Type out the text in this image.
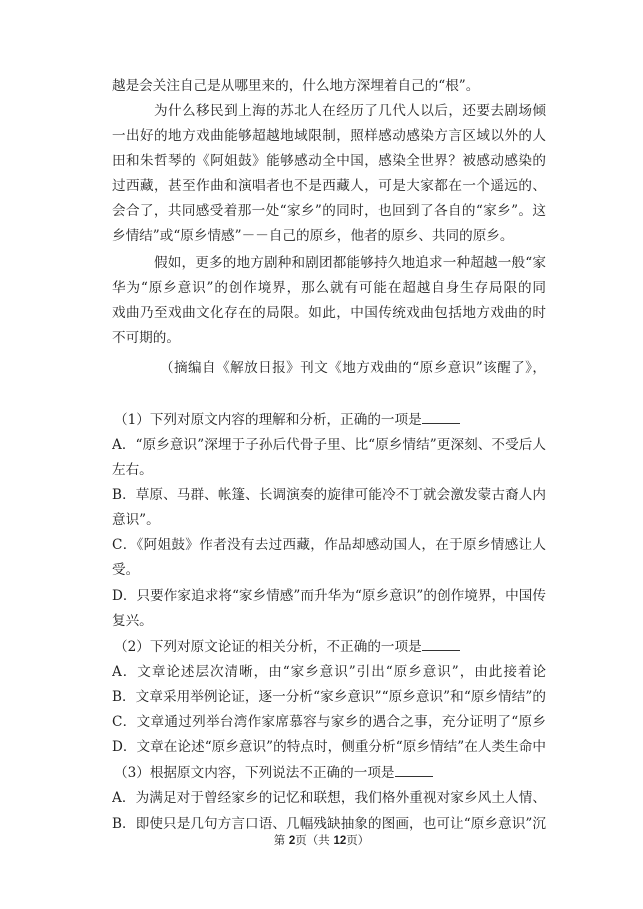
越是会关注自己是从哪里来的，什么地方深埋着自己的“根”。
为什么移民到上海的苏北人在经历了几代人以后，还要去剧场倾
一出好的地方戏曲能够超越地域限制，照样感动感染方言区域以外的人
田和朱哲琴的《阿姐鼓》能够感动全中国，感染全世界？被感动感染的
过西藏，甚至作曲和演唱者也不是西藏人，可是大家都在一个遥远的、
会合了，共同感受着那一处“家乡”的同时，也回到了各自的“家乡”。这
乡情结”或“原乡情感”－－自己的原乡，他者的原乡、共同的原乡。
假如，更多的地方剧种和剧团都能够持久地追求一种超越一般“家
华为“原乡意识”的创作境界，那么就有可能在超越自身生存局限的同
戏曲乃至戏曲文化存在的局限。如此，中国传统戏曲包括地方戏曲的时
不可期的。
（摘编自《解放日报》刊文《地方戏曲的“原乡意识”该醒了》，
（1）下列对原文内容的理解和分析，正确的一项是
A．“原乡意识”深埋于子孙后代骨子里、比“原乡情结”更深刻、不受后人
左右。
B．草原、马群、帐篷、长调演奏的旋律可能冷不丁就会激发蒙古裔人内
意识”。
C．《阿姐鼓》作者没有去过西藏，作品却感动国人，在于原乡情感让人
受。
D．只要作家追求将“家乡情感”而升华为“原乡意识”的创作境界，中国传
复兴。
（2）下列对原文论证的相关分析，不正确的一项是
A．文章论述层次清晰，由“家乡意识”引出“原乡意识”，由此接着论
B．文章采用举例论证，逐一分析“家乡意识”“原乡意识”和“原乡情结”的
C．文章通过列举台湾作家席慕容与家乡的遇合之事，充分证明了“原乡
D．文章在论述“原乡意识”的特点时，侧重分析“原乡情结”在人类生命中
（3）根据原文内容，下列说法不正确的一项是
A．为满足对于曾经家乡的记忆和联想，我们格外重视对家乡风土人情、
B．即使只是几句方言口语、几幅残缺抽象的图画，也可让“原乡意识”沉
第 2页（共 12页）
